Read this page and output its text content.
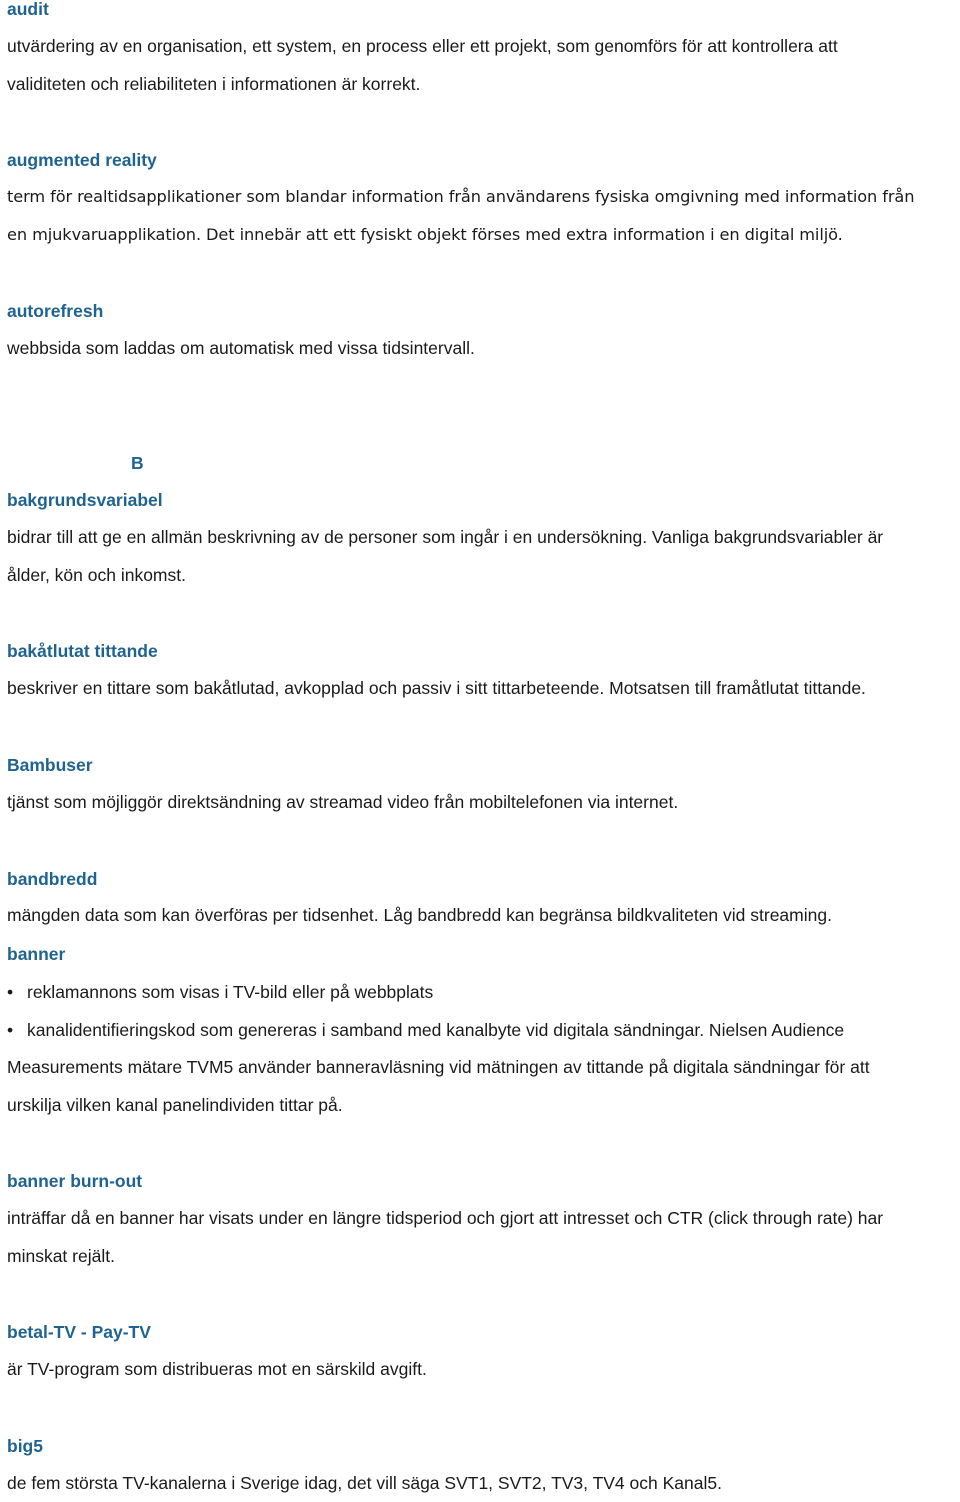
audit
utvärdering av en organisation, ett system, en process eller ett projekt, som genomförs för att kontrollera att
validiteten och reliabiliteten i informationen är korrekt.
augmented reality
term för realtidsapplikationer som blandar information från användarens fysiska omgivning med information från
en mjukvaruapplikation. Det innebär att ett fysiskt objekt förses med extra information i en digital miljö.
autorefresh
webbsida som laddas om automatisk med vissa tidsintervall.
B
bakgrundsvariabel
bidrar till att ge en allmän beskrivning av de personer som ingår i en undersökning. Vanliga bakgrundsvariabler är
ålder, kön och inkomst.
bakåtlutat tittande
beskriver en tittare som bakåtlutad, avkopplad och passiv i sitt tittarbeteende. Motsatsen till framåtlutat tittande.
Bambuser
tjänst som möjliggör direktsändning av streamad video från mobiltelefonen via internet.
bandbredd
mängden data som kan överföras per tidsenhet. Låg bandbredd kan begränsa bildkvaliteten vid streaming.
banner
• reklamannons som visas i TV-bild eller på webbplats
• kanalidentifieringskod som genereras i samband med kanalbyte vid digitala sändningar. Nielsen Audience
Measurements mätare TVM5 använder banneravläsning vid mätningen av tittande på digitala sändningar för att
urskilja vilken kanal panelindividen tittar på.
banner burn-out
inträffar då en banner har visats under en längre tidsperiod och gjort att intresset och CTR (click through rate) har
minskat rejält.
betal-TV - Pay-TV
är TV-program som distribueras mot en särskild avgift.
big5
de fem största TV-kanalerna i Sverige idag, det vill säga SVT1, SVT2, TV3, TV4 och Kanal5.
